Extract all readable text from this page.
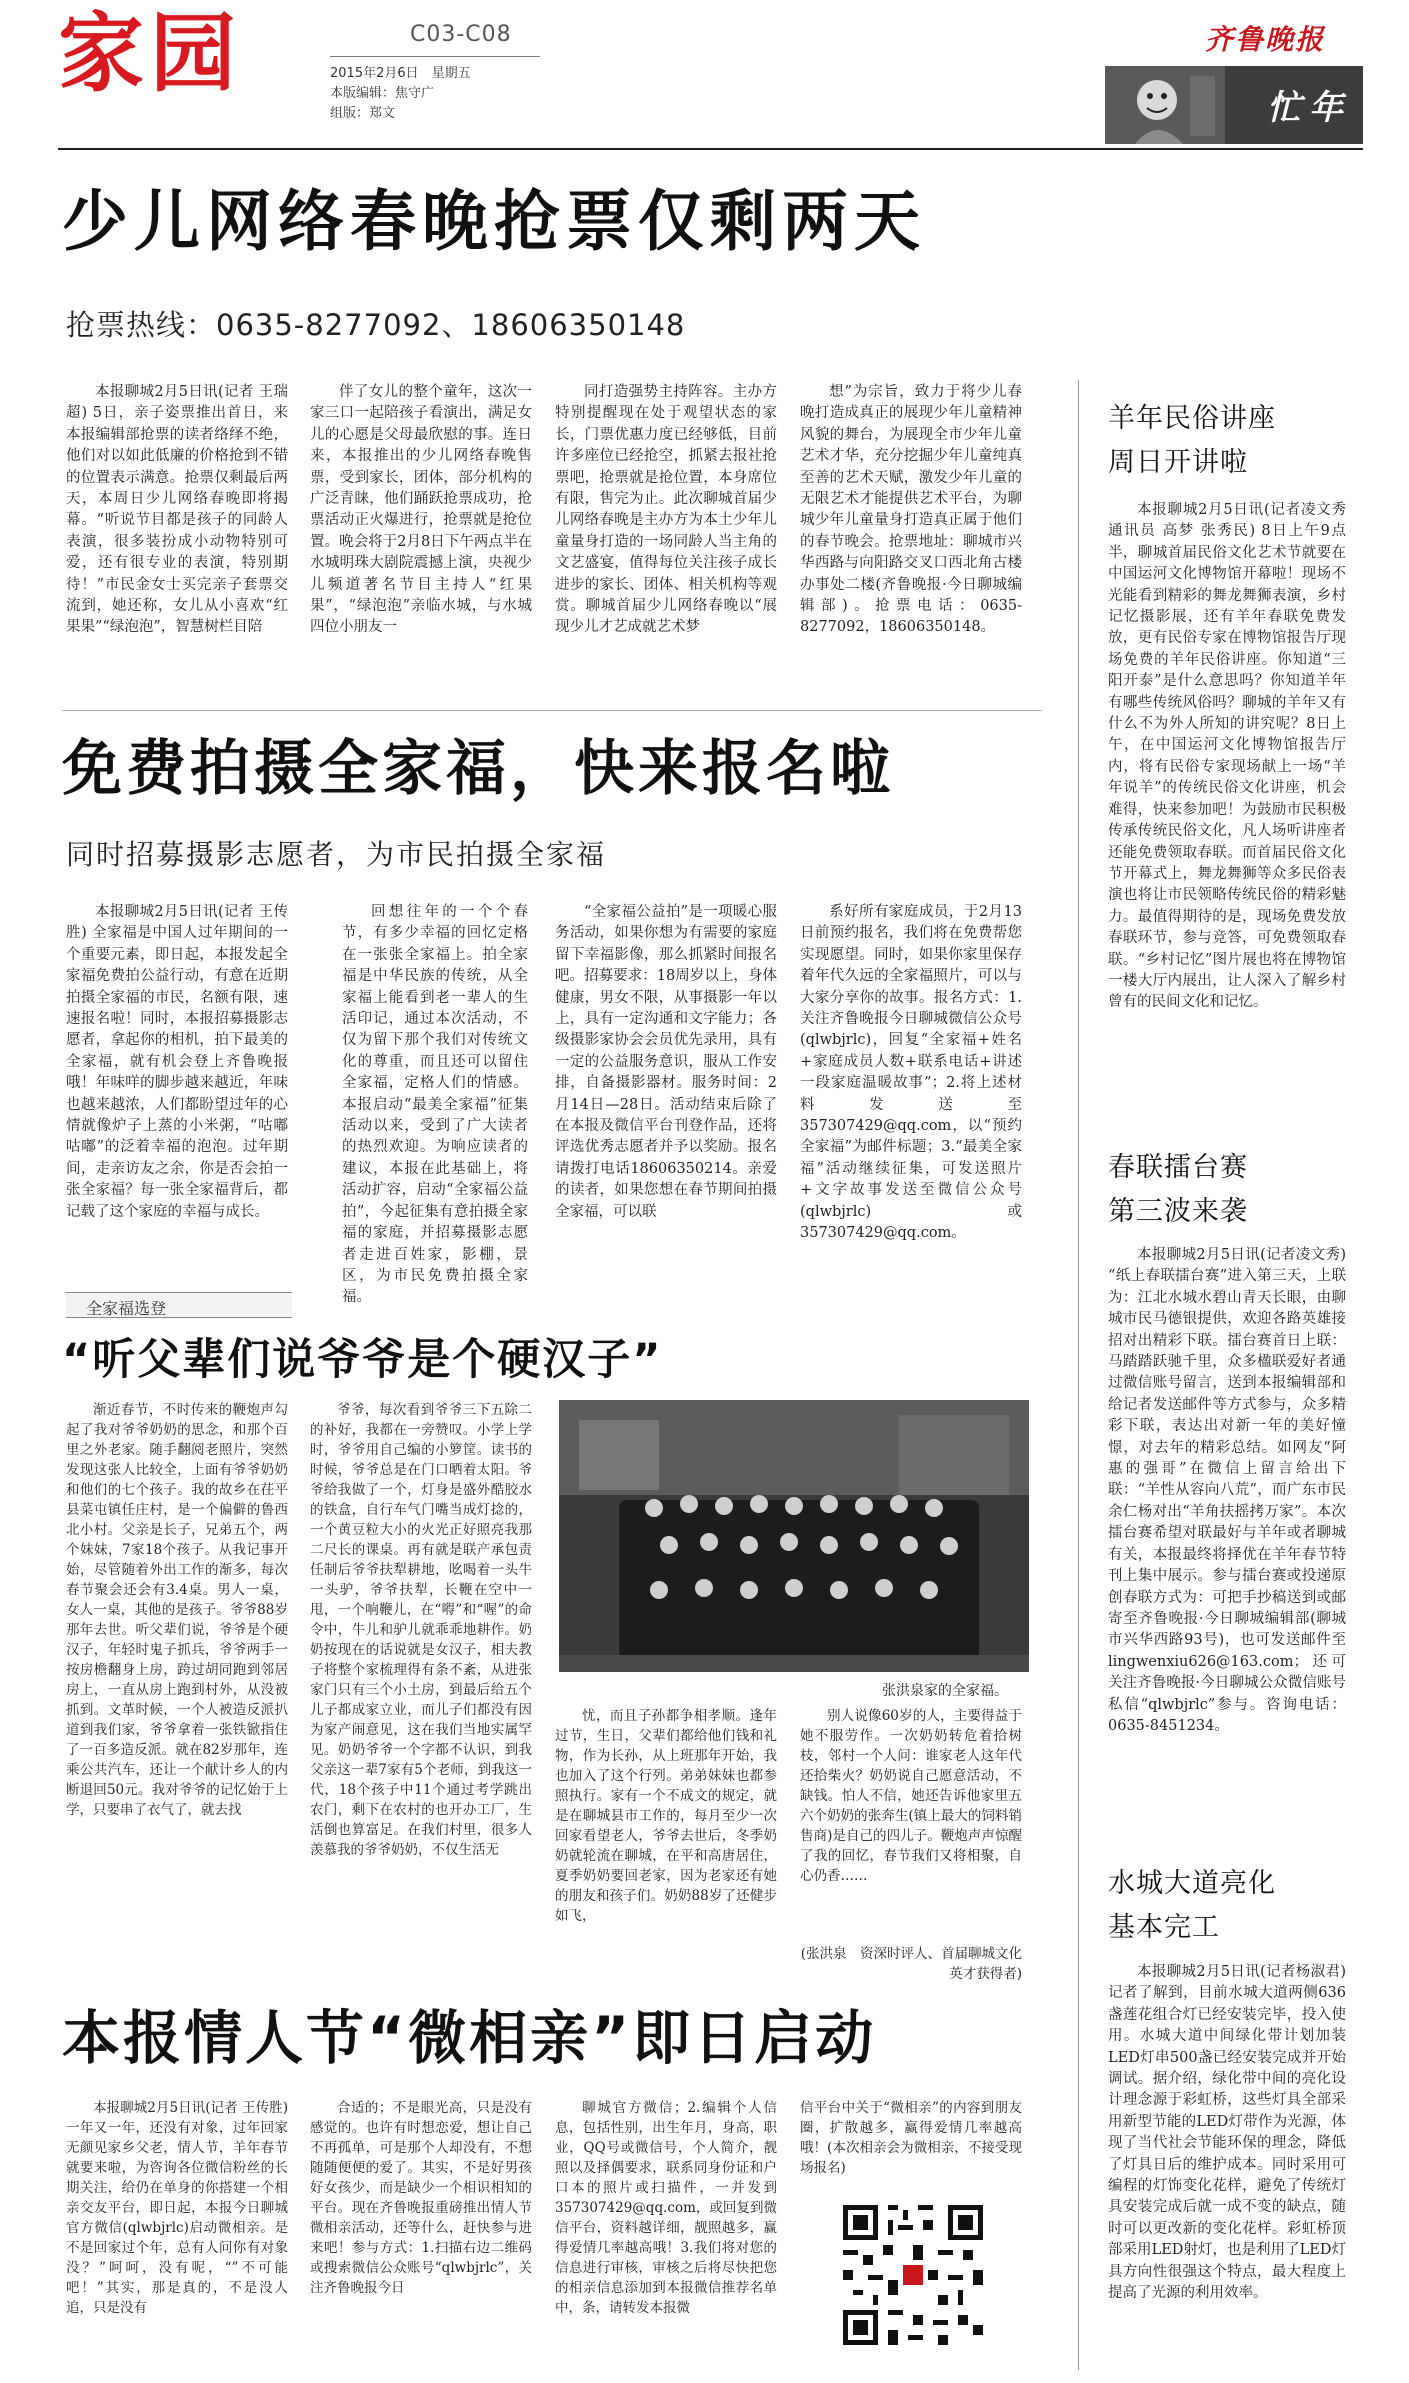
家园	C03-C08
2015年2月6日　星期五
本版编辑：焦守广
组版：郑文
齐鲁晚报
忙年
少儿网络春晚抢票仅剩两天
抢票热线：0635-8277092、18606350148

本报聊城2月5日讯(记者 王瑞超) 5日，亲子姿票推出首日，来本报编辑部抢票的读者络绎不绝，他们对以如此低廉的价格抢到不错的位置表示满意。抢票仅剩最后两天，本周日少儿网络春晚即将揭幕。“听说节目都是孩子的同龄人表演，很多装扮成小动物特别可爱，还有很专业的表演，特别期待！”市民金女士买完亲子套票交流到，她还称，女儿从小喜欢“红果果”“绿泡泡”，智慧树栏目陪

伴了女儿的整个童年，这次一家三口一起陪孩子看演出，满足女儿的心愿是父母最欣慰的事。连日来，本报推出的少儿网络春晚售票，受到家长，团体，部分机构的广泛青睐，他们踊跃抢票成功，抢票活动正火爆进行，抢票就是抢位置。晚会将于2月8日下午两点半在水城明珠大剧院震撼上演，央视少儿频道著名节目主持人“红果果”，“绿泡泡”亲临水城，与水城四位小朋友一

同打造强势主持阵容。主办方特别提醒现在处于观望状态的家长，门票优惠力度已经够低，目前许多座位已经抢空，抓紧去报社抢票吧，抢票就是抢位置，本身席位有限，售完为止。此次聊城首届少儿网络春晚是主办方为本土少年儿童量身打造的一场同龄人当主角的文艺盛宴，值得每位关注孩子成长进步的家长、团体、相关机构等观赏。聊城首届少儿网络春晚以“展现少儿才艺成就艺术梦

想”为宗旨，致力于将少儿春晚打造成真正的展现少年儿童精神风貌的舞台，为展现全市少年儿童艺术才华，充分挖掘少年儿童纯真至善的艺术天赋，激发少年儿童的无限艺术才能提供艺术平台，为聊城少年儿童量身打造真正属于他们的春节晚会。抢票地址：聊城市兴华西路与向阳路交叉口西北角古楼办事处二楼(齐鲁晚报·今日聊城编辑部)。抢票电话：0635-8277092，18606350148。

免费拍摄全家福，快来报名啦
同时招募摄影志愿者，为市民拍摄全家福

本报聊城2月5日讯(记者 王传胜) 全家福是中国人过年期间的一个重要元素，即日起，本报发起全家福免费拍公益行动，有意在近期拍摄全家福的市民，名额有限，速速报名啦！同时，本报招募摄影志愿者，拿起你的相机，拍下最美的全家福，就有机会登上齐鲁晚报哦！年味咩的脚步越来越近，年味也越来越浓，人们都盼望过年的心情就像炉子上蒸的小米粥，“咕嘟咕嘟”的泛着幸福的泡泡。过年期间，走亲访友之余，你是否会拍一张全家福？每一张全家福背后，都记载了这个家庭的幸福与成长。

回想往年的一个个春节，有多少幸福的回忆定格在一张张全家福上。拍全家福是中华民族的传统，从全家福上能看到老一辈人的生活印记，通过本次活动，不仅为留下那个我们对传统文化的尊重，而且还可以留住全家福，定格人们的情感。本报启动“最美全家福”征集活动以来，受到了广大读者的热烈欢迎。为响应读者的建议，本报在此基础上，将活动扩容，启动“全家福公益拍”，今起征集有意拍摄全家福的家庭，并招募摄影志愿者走进百姓家，影棚，景区，为市民免费拍摄全家福。

“全家福公益拍”是一项暖心服务活动，如果你想为有需要的家庭留下幸福影像，那么抓紧时间报名吧。招募要求：18周岁以上，身体健康，男女不限，从事摄影一年以上，具有一定沟通和文字能力；各级摄影家协会会员优先录用，具有一定的公益服务意识，服从工作安排，自备摄影器材。服务时间：2月14日—28日。活动结束后除了在本报及微信平台刊登作品，还将评选优秀志愿者并予以奖励。报名请拨打电话18606350214。亲爱的读者，如果您想在春节期间拍摄全家福，可以联

系好所有家庭成员，于2月13日前预约报名，我们将在免费帮您实现愿望。同时，如果你家里保存着年代久远的全家福照片，可以与大家分享你的故事。报名方式：1.关注齐鲁晚报今日聊城微信公众号(qlwbjrlc)，回复“全家福+姓名+家庭成员人数+联系电话+讲述一段家庭温暖故事”；2.将上述材料发送至357307429@qq.com，以“预约全家福”为邮件标题；3.“最美全家福”活动继续征集，可发送照片+文字故事发送至微信公众号(qlwbjrlc)或357307429@qq.com。

全家福选登
“听父辈们说爷爷是个硬汉子”

渐近春节，不时传来的鞭炮声勾起了我对爷爷奶奶的思念，和那个百里之外老家。随手翻阅老照片，突然发现这张人比较全，上面有爷爷奶奶和他们的七个孩子。我的故乡在茌平县菜屯镇任庄村，是一个偏僻的鲁西北小村。父亲是长子，兄弟五个，两个妹妹，7家18个孩子。从我记事开始，尽管随着外出工作的渐多，每次春节聚会还会有3.4桌。男人一桌，女人一桌，其他的是孩子。爷爷88岁那年去世。听父辈们说，爷爷是个硬汉子，年轻时鬼子抓兵，爷爷两手一按房檐翻身上房，跨过胡同跑到邻居房上，一直从房上跑到村外，从没被抓到。文革时候，一个人被造反派扒道到我们家，爷爷拿着一张铁锨指住了一百多造反派。就在82岁那年，连乘公共汽车，还让一个献计乡人的内断退回50元。我对爷爷的记忆始于上学，只要串了衣气了，就去找

爷爷，每次看到爷爷三下五除二的补好，我都在一旁赞叹。小学上学时，爷爷用自己编的小箩筐。读书的时候，爷爷总是在门口晒着太阳。爷爷给我做了一个，灯身是盛外酷胶水的铁盒，自行车气门嘴当成灯捻的，一个黄豆粒大小的火光正好照亮我那二尺长的课桌。再有就是联产承包责任制后爷爷扶犁耕地，吆喝着一头牛一头驴，爷爷扶犁，长鞭在空中一甩，一个响鞭儿，在“嘚”和“喔”的命令中，牛儿和驴儿就乖乖地耕作。奶奶按现在的话说就是女汉子，相夫教子将整个家梳理得有条不紊，从进张家门只有三个小土房，到最后给五个儿子都成家立业，而儿子们都没有因为家产闹意见，这在我们当地实属罕见。奶奶爷爷一个字都不认识，到我父亲这一辈7家有5个老师，到我这一代，18个孩子中11个通过考学跳出农门，剩下在农村的也开办工厂，生活倒也算富足。在我们村里，很多人羡慕我的爷爷奶奶，不仅生活无

张洪泉家的全家福。

忧，而且子孙都争相孝顺。逢年过节，生日，父辈们都给他们钱和礼物，作为长孙，从上班那年开始，我也加入了这个行列。弟弟妹妹也都参照执行。家有一个不成文的规定，就是在聊城县市工作的，每月至少一次回家看望老人，爷爷去世后，冬季奶奶就轮流在聊城，在平和高唐居住，夏季奶奶要回老家，因为老家还有她的朋友和孩子们。奶奶88岁了还健步如飞，

别人说像60岁的人，主要得益于她不服劳作。一次奶奶转危着拾树枝，邻村一个人问：谁家老人这年代还拾柴火？奶奶说自己愿意活动，不缺钱。怕人不信，她还告诉他家里五六个奶奶的张奔生(镇上最大的饲料销售商)是自己的四儿子。鞭炮声声惊醒了我的回忆，春节我们又将相聚，自心仍香……

(张洪泉　资深时评人、首届聊城文化英才获得者)
本报情人节“微相亲”即日启动

本报聊城2月5日讯(记者 王传胜) 一年又一年，还没有对象，过年回家无颜见家乡父老，情人节，羊年春节就要来啦，为咨询各位微信粉丝的长期关注，给仍在单身的你搭建一个相亲交友平台，即日起，本报今日聊城官方微信(qlwbjrlc)启动微相亲。是不是回家过个年，总有人问你有对象没？”呵呵，没有呢，“”不可能吧！”其实，那是真的，不是没人追，只是没有

合适的；不是眼光高，只是没有感觉的。也许有时想恋爱，想让自己不再孤单，可是那个人却没有，不想随随便便的爱了。其实，不是好男孩好女孩少，而是缺少一个相识相知的平台。现在齐鲁晚报重磅推出情人节微相亲活动，还等什么，赶快参与进来吧！参与方式：1.扫描右边二维码或搜索微信公众账号“qlwbjrlc”，关注齐鲁晚报今日

聊城官方微信；2.编辑个人信息，包括性别，出生年月，身高，职业，QQ号或微信号，个人简介，靓照以及择偶要求，联系同身份证和户口本的照片或扫描件，一并发到357307429@qq.com，或回复到微信平台，资料越详细，靓照越多，赢得爱情几率越高哦！3.我们将对您的信息进行审核，审核之后将尽快把您的相亲信息添加到本报微信推荐名单中，条，请转发本报微

信平台中关于“微相亲”的内容到朋友圈，扩散越多，赢得爱情几率越高哦！(本次相亲会为微相亲，不接受现场报名)

羊年民俗讲座
周日开讲啦

本报聊城2月5日讯(记者凌文秀 通讯员 高梦 张秀民) 8日上午9点半，聊城首届民俗文化艺术节就要在中国运河文化博物馆开幕啦！现场不光能看到精彩的舞龙舞狮表演，乡村记忆摄影展，还有羊年春联免费发放，更有民俗专家在博物馆报告厅现场免费的羊年民俗讲座。你知道“三阳开泰”是什么意思吗？你知道羊年有哪些传统风俗吗？聊城的羊年又有什么不为外人所知的讲究呢？8日上午，在中国运河文化博物馆报告厅内，将有民俗专家现场献上一场“羊年说羊”的传统民俗文化讲座，机会难得，快来参加吧！为鼓励市民积极传承传统民俗文化，凡人场听讲座者还能免费领取春联。而首届民俗文化节开幕式上，舞龙舞狮等众多民俗表演也将让市民领略传统民俗的精彩魅力。最值得期待的是，现场免费发放春联环节，参与竞答，可免费领取春联。“乡村记忆”图片展也将在博物馆一楼大厅内展出，让人深入了解乡村曾有的民间文化和记忆。

春联擂台赛
第三波来袭

本报聊城2月5日讯(记者凌文秀) “纸上春联擂台赛”进入第三天，上联为：江北水城水碧山青天长眼，由聊城市民马德银提供，欢迎各路英雄接招对出精彩下联。擂台赛首日上联：马踏踏跃驰千里，众多楹联爱好者通过微信账号留言，送到本报编辑部和给记者发送邮件等方式参与，众多精彩下联，表达出对新一年的美好憧憬，对去年的精彩总结。如网友“阿惠的强哥”在微信上留言给出下联：“羊性从容向八荒”，而广东市民余仁杨对出“羊角扶摇拷万家”。本次擂台赛希望对联最好与羊年或者聊城有关，本报最终将择优在羊年春节特刊上集中展示。参与擂台赛或投递原创春联方式为：可把手抄稿送到或邮寄至齐鲁晚报·今日聊城编辑部(聊城市兴华西路93号)，也可发送邮件至lingwenxiu626@163.com；还可关注齐鲁晚报·今日聊城公众微信账号私信“qlwbjrlc”参与。咨询电话：0635-8451234。

水城大道亮化
基本完工

本报聊城2月5日讯(记者杨淑君) 记者了解到，目前水城大道两侧636盏莲花组合灯已经安装完毕，投入使用。水城大道中间绿化带计划加装LED灯串500盏已经安装完成并开始调试。据介绍，绿化带中间的亮化设计理念源于彩虹桥，这些灯具全部采用新型节能的LED灯带作为光源，体现了当代社会节能环保的理念，降低了灯具日后的维护成本。同时采用可编程的灯饰变化花样，避免了传统灯具安装完成后就一成不变的缺点，随时可以更改新的变化花样。彩虹桥顶部采用LED射灯，也是利用了LED灯具方向性很强这个特点，最大程度上提高了光源的利用效率。
